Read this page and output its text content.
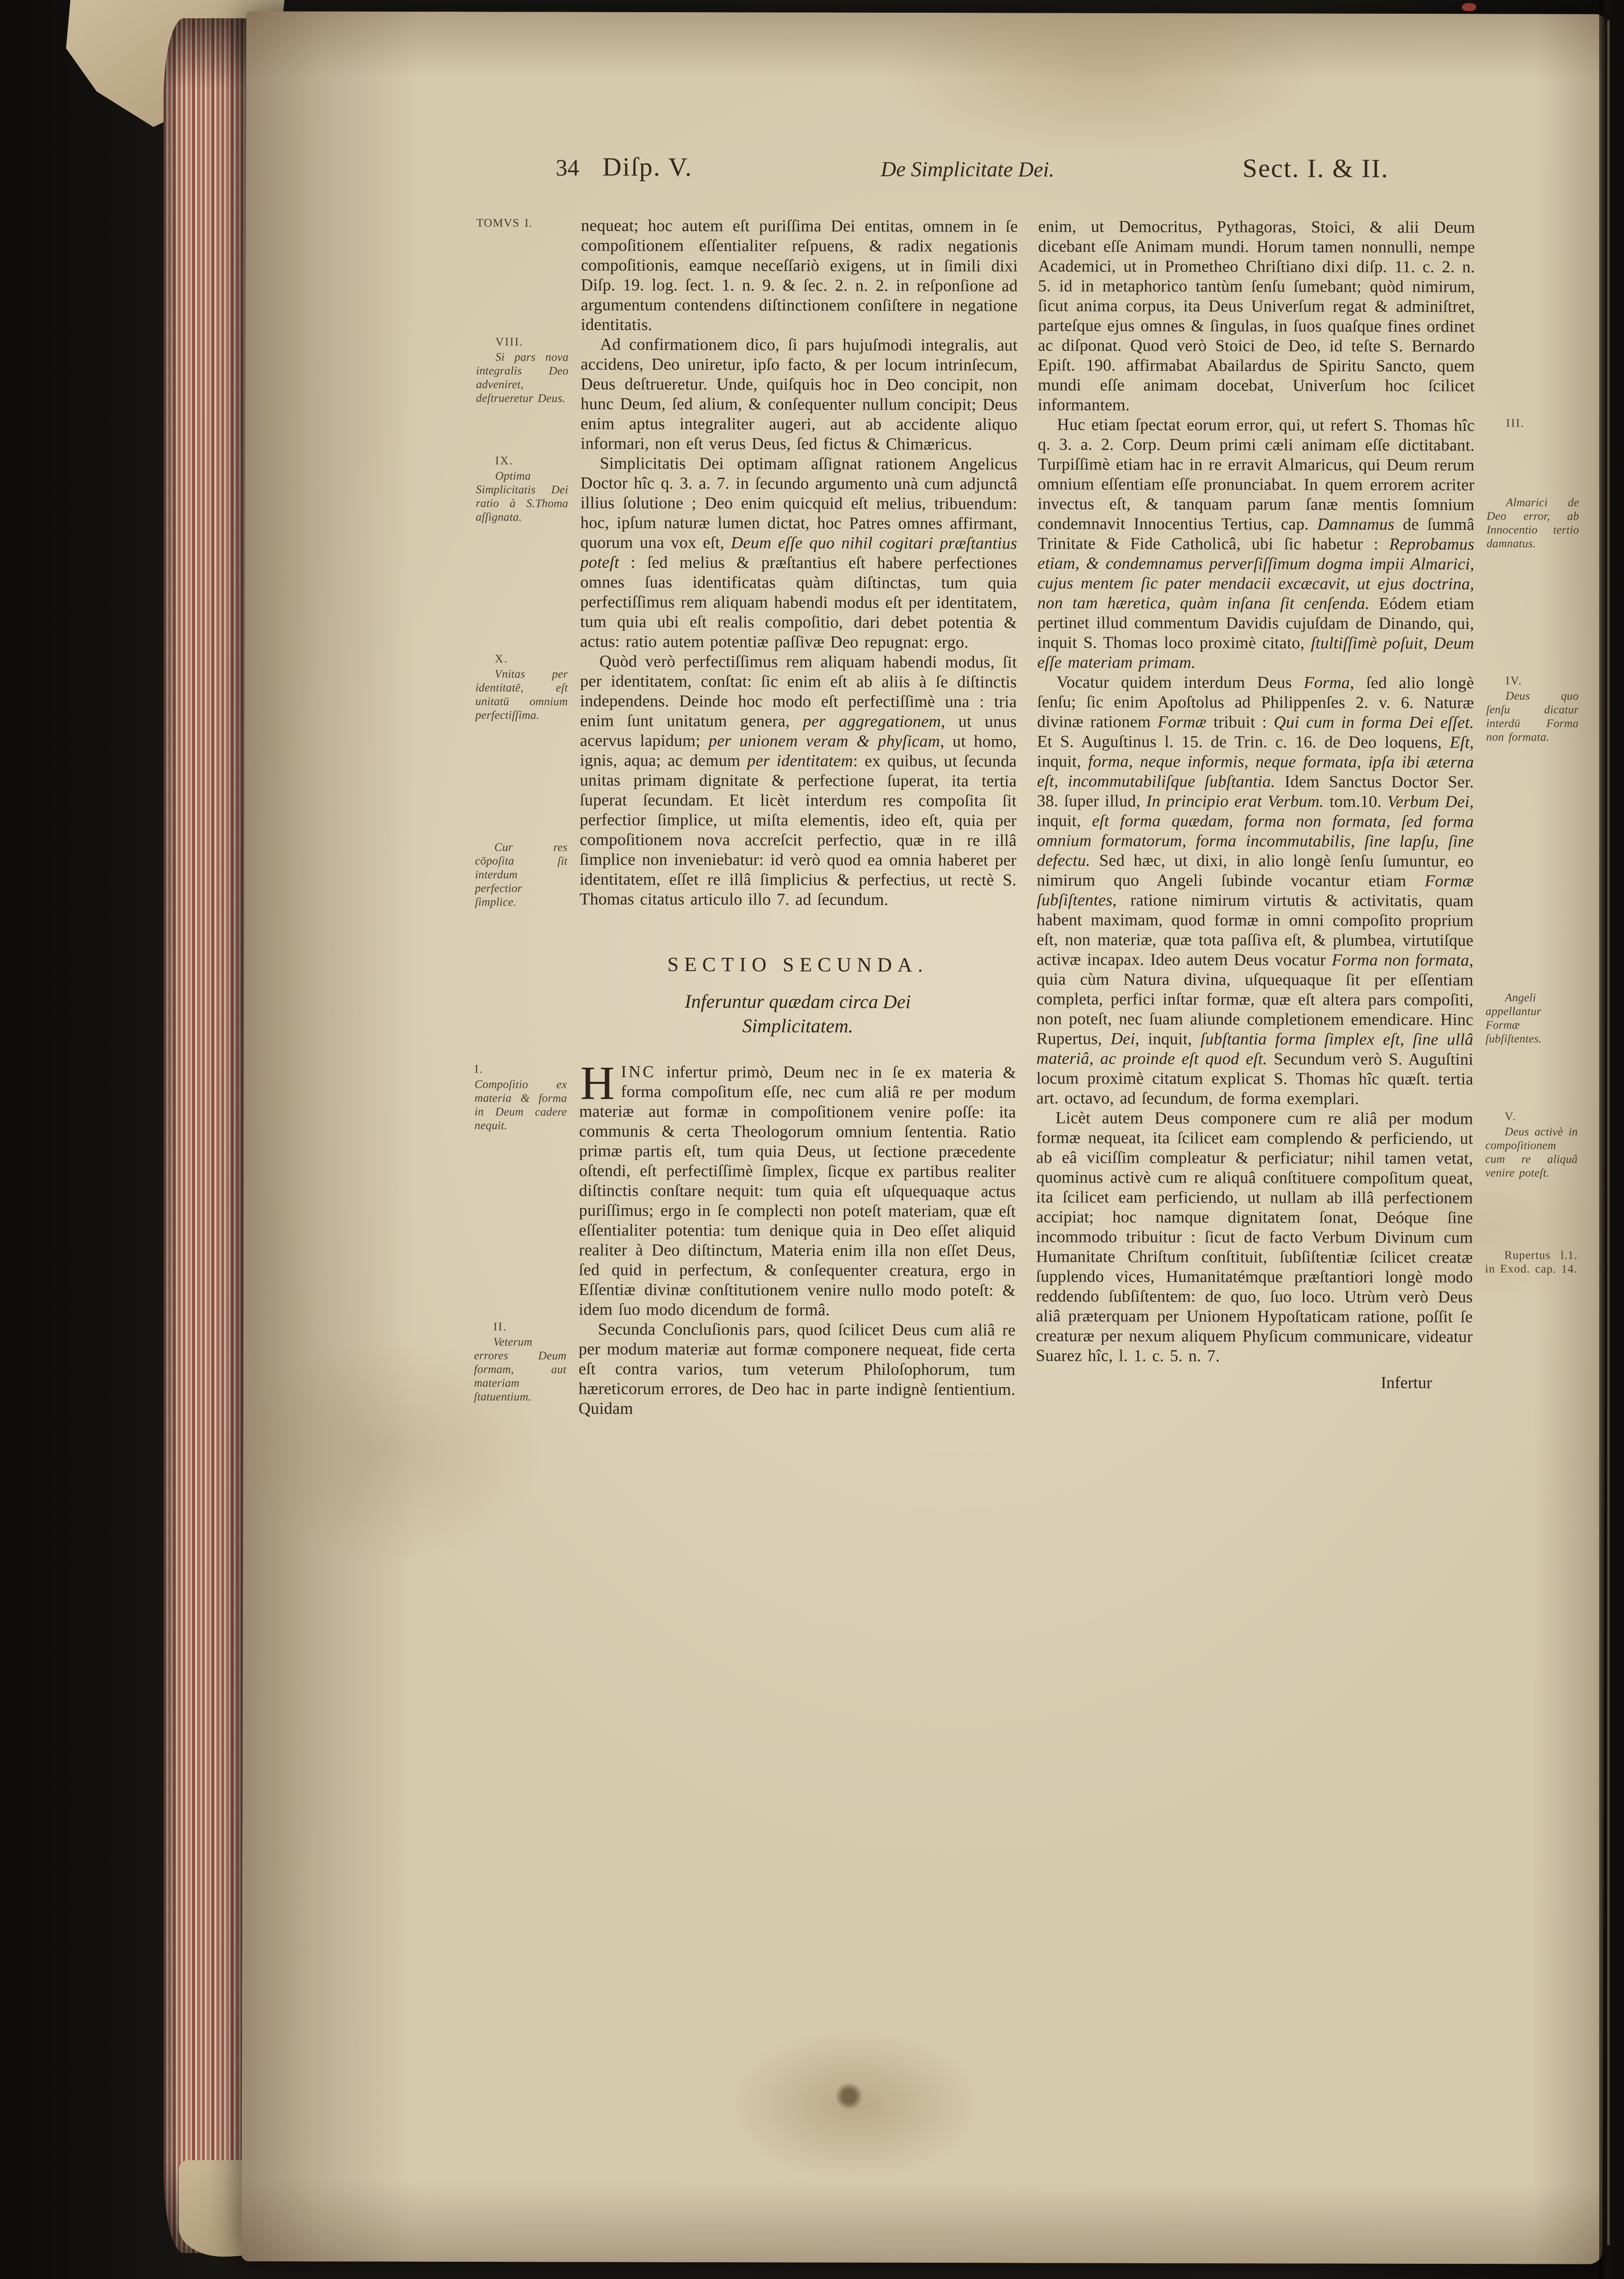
34 Diſp. V.	De Simplicitate Dei.	Sect. I. & II.

nequeat; hoc autem eſt puriſſima Dei entitas, omnem in ſe compoſitionem eſſentialiter reſpuens, & radix negationis compoſitionis, eamque neceſſariò exigens, ut in ſimili dixi Diſp. 19. log. ſect. 1. n. 9. & ſec. 2. n. 2. in reſponſione ad argumentum contendens diſtinctionem conſiſtere in negatione identitatis.
TOMVS I.

Ad confirmationem dico, ſi pars hujuſmodi integralis, aut accidens, Deo uniretur, ipſo facto, & per locum intrinſecum, Deus deſtrueretur. Unde, quiſquis hoc in Deo concipit, non hunc Deum, ſed alium, & conſequenter nullum concipit; Deus enim aptus integraliter augeri, aut ab accidente aliquo informari, non eſt verus Deus, ſed fictus & Chimæricus.
VIII.
Si pars nova integralis Deo adveniret, deſtrueretur Deus.

Simplicitatis Dei optimam aſſignat rationem Angelicus Doctor hîc q. 3. a. 7. in ſecundo argumento unà cum adjunctâ illius ſolutione ; Deo enim quicquid eſt melius, tribuendum: hoc, ipſum naturæ lumen dictat, hoc Patres omnes affirmant, quorum una vox eſt, Deum eſſe quo nihil cogitari præſtantius poteſt : ſed melius & præſtantius eſt habere perfectiones omnes ſuas identificatas quàm diſtinctas, tum quia perfectiſſimus rem aliquam habendi modus eſt per identitatem, tum quia ubi eſt realis compoſitio, dari debet potentia & actus: ratio autem potentiæ paſſivæ Deo repugnat: ergo.
IX.
Optima Simplicitatis Dei ratio à S.Thoma aſſignata.

Quòd verò perfectiſſimus rem aliquam habendi modus, ſit per identitatem, conſtat: ſic enim eſt ab aliis à ſe diſtinctis independens. Deinde hoc modo eſt perfectiſſimè una : tria enim ſunt unitatum genera, per aggregationem, ut unus acervus lapidum; per unionem veram & phyſicam, ut homo, ignis, aqua; ac demum per identitatem: ex quibus, ut ſecunda unitas primam dignitate & perfectione ſuperat, ita tertia ſuperat ſecundam. Et licèt interdum res compoſita ſit perfectior ſimplice, ut miſta elementis, ideo eſt, quia per compoſitionem nova accreſcit perfectio, quæ in re illâ ſimplice non inveniebatur: id verò quod ea omnia haberet per identitatem, eſſet re illâ ſimplicius & perfectius, ut rectè S. Thomas citatus articulo illo 7. ad ſecundum.
X.
Vnitas per identitatē, eſt unitatū omnium perfectiſſima.
Cur res cōpoſita ſit interdum perfectior ſimplice.

SECTIO SECUNDA.
Inferuntur quædam circa Dei Simplicitatem.

HINC infertur primò, Deum nec in ſe ex materia & forma compoſitum eſſe, nec cum aliâ re per modum materiæ aut formæ in compoſitionem venire poſſe: ita communis & certa Theologorum omnium ſententia. Ratio primæ partis eſt, tum quia Deus, ut ſectione præcedente oſtendi, eſt perfectiſſimè ſimplex, ſicque ex partibus realiter diſtinctis conſtare nequit: tum quia eſt uſquequaque actus puriſſimus; ergo in ſe complecti non poteſt materiam, quæ eſt eſſentialiter potentia: tum denique quia in Deo eſſet aliquid realiter à Deo diſtinctum, Materia enim illa non eſſet Deus, ſed quid in perfectum, & conſequenter creatura, ergo in Eſſentiæ divinæ conſtitutionem venire nullo modo poteſt: & idem ſuo modo dicendum de formâ.
I.
Compoſitio ex materia & forma in Deum cadere nequit.

Secunda Concluſionis pars, quod ſcilicet Deus cum aliâ re per modum materiæ aut formæ componere nequeat, fide certa eſt contra varios, tum veterum Philoſophorum, tum hæreticorum errores, de Deo hac in parte indignè ſentientium. Quidam
II.
Veterum errores Deum formam, aut materiam ſtatuentium.

enim, ut Democritus, Pythagoras, Stoici, & alii Deum dicebant eſſe Animam mundi. Horum tamen nonnulli, nempe Academici, ut in Prometheo Chriſtiano dixi diſp. 11. c. 2. n. 5. id in metaphorico tantùm ſenſu ſumebant; quòd nimirum, ſicut anima corpus, ita Deus Univerſum regat & adminiſtret, parteſque ejus omnes & ſingulas, in ſuos quaſque fines ordinet ac diſponat. Quod verò Stoici de Deo, id teſte S. Bernardo Epiſt. 190. affirmabat Abailardus de Spiritu Sancto, quem mundi eſſe animam docebat, Univerſum hoc ſcilicet informantem.

Huc etiam ſpectat eorum error, qui, ut refert S. Thomas hîc q. 3. a. 2. Corp. Deum primi cæli animam eſſe dictitabant. Turpiſſimè etiam hac in re erravit Almaricus, qui Deum rerum omnium eſſentiam eſſe pronunciabat. In quem errorem acriter invectus eſt, & tanquam parum ſanæ mentis ſomnium condemnavit Innocentius Tertius, cap. Damnamus de ſummâ Trinitate & Fide Catholicâ, ubi ſic habetur : Reprobamus etiam, & condemnamus perverſiſſimum dogma impii Almarici, cujus mentem ſic pater mendacii excæcavit, ut ejus doctrina, non tam hæretica, quàm inſana ſit cenſenda. Eódem etiam pertinet illud commentum Davidis cujuſdam de Dinando, qui, inquit S. Thomas loco proximè citato, ſtultiſſimè poſuit, Deum eſſe materiam primam.
III.
Almarici de Deo error, ab Innocentio tertio damnatus.

Vocatur quidem interdum Deus Forma, ſed alio longè ſenſu; ſic enim Apoſtolus ad Philippenſes 2. v. 6. Naturæ divinæ rationem Formæ tribuit : Qui cum in forma Dei eſſet. Et S. Auguſtinus l. 15. de Trin. c. 16. de Deo loquens, Eſt, inquit, forma, neque informis, neque formata, ipſa ibi æterna eſt, incommutabiliſque ſubſtantia. Idem Sanctus Doctor Ser. 38. ſuper illud, In principio erat Verbum. tom.10. Verbum Dei, inquit, eſt forma quædam, forma non formata, ſed forma omnium formatorum, forma incommutabilis, ſine lapſu, ſine defectu. Sed hæc, ut dixi, in alio longè ſenſu ſumuntur, eo nimirum quo Angeli ſubinde vocantur etiam Formæ ſubſiſtentes, ratione nimirum virtutis & activitatis, quam habent maximam, quod formæ in omni compoſito proprium eſt, non materiæ, quæ tota paſſiva eſt, & plumbea, virtutiſque activæ incapax. Ideo autem Deus vocatur Forma non formata, quia cùm Natura divina, uſquequaque ſit per eſſentiam completa, perfici inſtar formæ, quæ eſt altera pars compoſiti, non poteſt, nec ſuam aliunde completionem emendicare. Hinc Rupertus, Dei, inquit, ſubſtantia forma ſimplex eſt, ſine ullâ materiâ, ac proinde eſt quod eſt. Secundum verò S. Auguſtini locum proximè citatum explicat S. Thomas hîc quæſt. tertia art. octavo, ad ſecundum, de forma exemplari.
IV.
Deus quo ſenſu dicatur interdū Forma non formata.
Angeli appellantur Formæ ſubſiſtentes.
Rupertus l.1. in Exod. cap. 14.

Licèt autem Deus componere cum re aliâ per modum formæ nequeat, ita ſcilicet eam complendo & perficiendo, ut ab eâ viciſſim compleatur & perficiatur; nihil tamen vetat, quominus activè cum re aliquâ conſtituere compoſitum queat, ita ſcilicet eam perficiendo, ut nullam ab illâ perfectionem accipiat; hoc namque dignitatem ſonat, Deóque ſine incommodo tribuitur : ſicut de facto Verbum Divinum cum Humanitate Chriſtum conſtituit, ſubſiſtentiæ ſcilicet creatæ ſupplendo vices, Humanitatémque præſtantiori longè modo reddendo ſubſiſtentem: de quo, ſuo loco. Utrùm verò Deus aliâ præterquam per Unionem Hypoſtaticam ratione, poſſit ſe creaturæ per nexum aliquem Phyſicum communicare, videatur Suarez hîc, l. 1. c. 5. n. 7.
V.
Deus activè in compoſitionem cum re aliquâ venire poteſt.

Infertur
